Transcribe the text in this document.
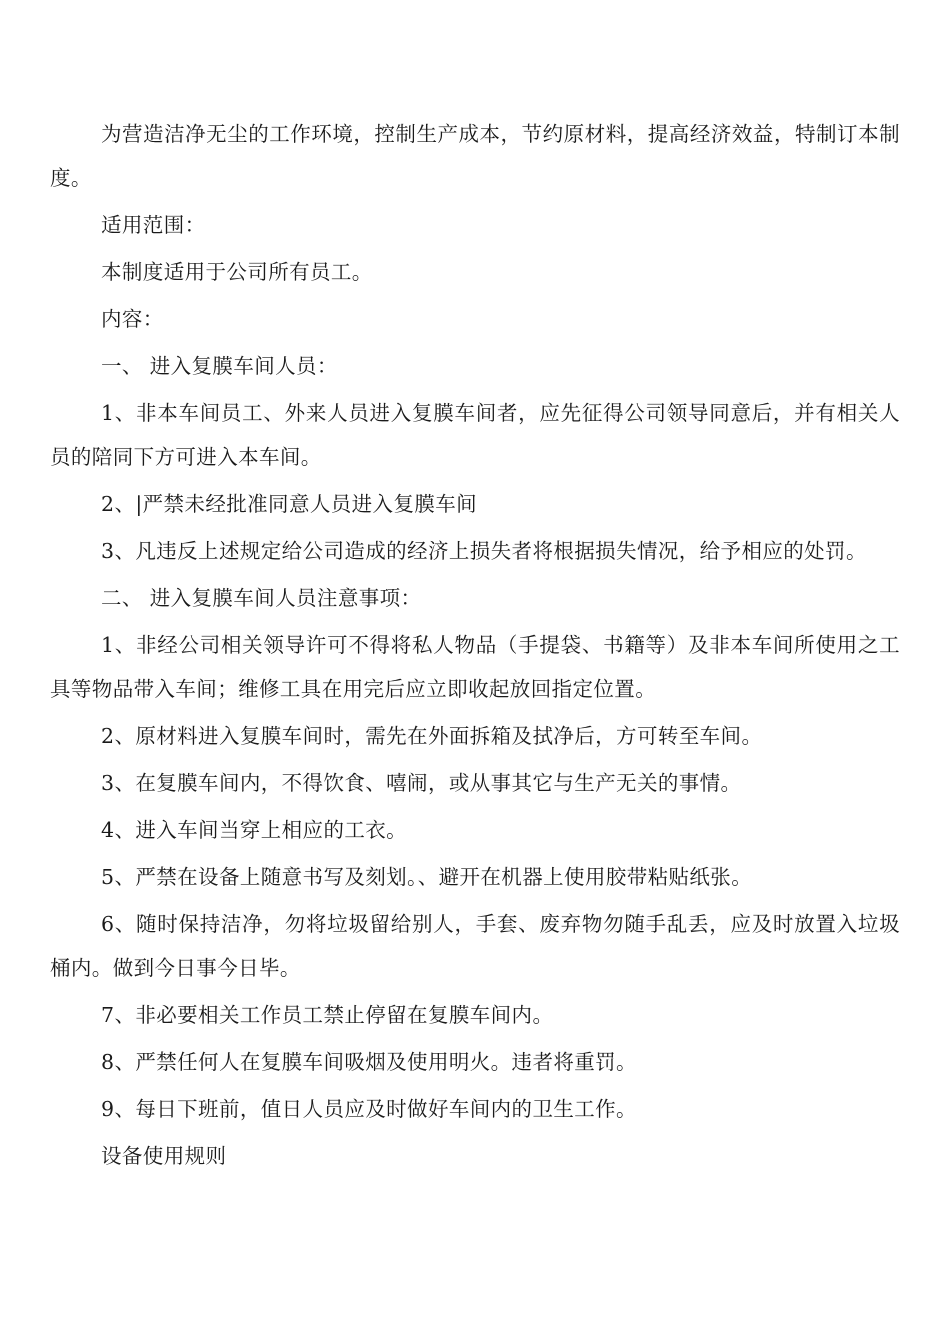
为营造洁净无尘的工作环境，控制生产成本，节约原材料，提高经济效益，特制订本制度。

适用范围：

本制度适用于公司所有员工。

内容：

一、 进入复膜车间人员：

1、非本车间员工、外来人员进入复膜车间者，应先征得公司领导同意后，并有相关人员的陪同下方可进入本车间。

2、|严禁未经批准同意人员进入复膜车间

3、凡违反上述规定给公司造成的经济上损失者将根据损失情况，给予相应的处罚。

二、 进入复膜车间人员注意事项：

1、非经公司相关领导许可不得将私人物品（手提袋、书籍等）及非本车间所使用之工具等物品带入车间；维修工具在用完后应立即收起放回指定位置。

2、原材料进入复膜车间时，需先在外面拆箱及拭净后，方可转至车间。

3、在复膜车间内，不得饮食、嘻闹，或从事其它与生产无关的事情。

4、进入车间当穿上相应的工衣。

5、严禁在设备上随意书写及刻划。、避开在机器上使用胶带粘贴纸张。

6、随时保持洁净，勿将垃圾留给别人，手套、废弃物勿随手乱丢，应及时放置入垃圾桶内。做到今日事今日毕。

7、非必要相关工作员工禁止停留在复膜车间内。

8、严禁任何人在复膜车间吸烟及使用明火。违者将重罚。

9、每日下班前，值日人员应及时做好车间内的卫生工作。

设备使用规则
